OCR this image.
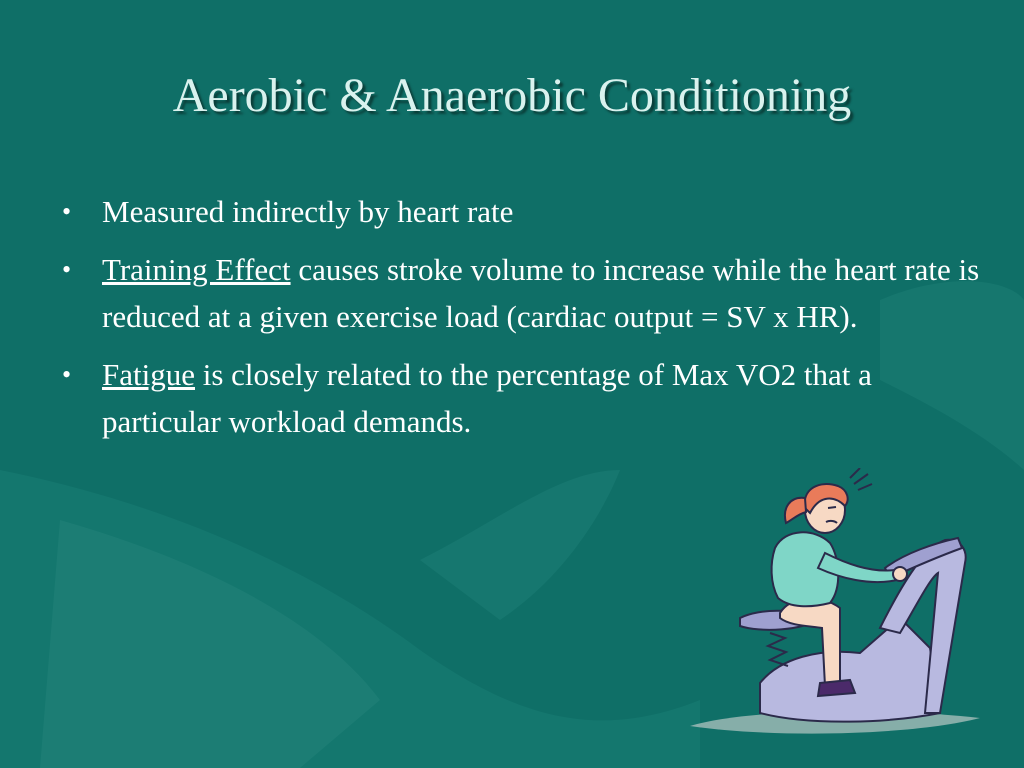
Aerobic & Anaerobic Conditioning
• Measured indirectly by heart rate
• Training Effect causes stroke volume to increase while the heart rate is reduced at a given exercise load (cardiac output = SV x HR).
• Fatigue is closely related to the percentage of Max VO2 that a particular workload demands.
